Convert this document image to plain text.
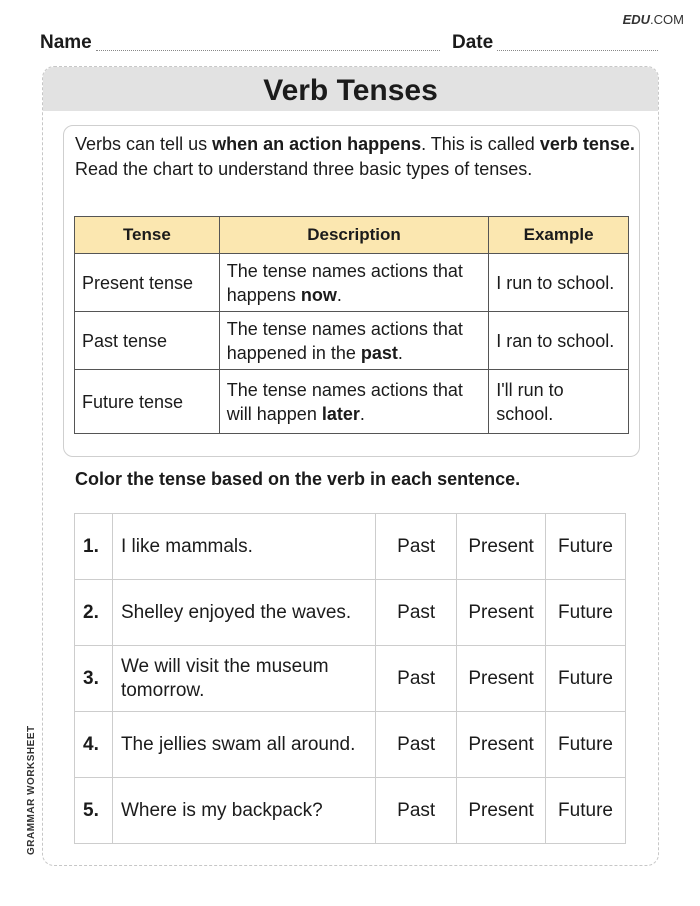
EDU.COM
Name	Date
Verb Tenses
Verbs can tell us when an action happens. This is called verb tense. Read the chart to understand three basic types of tenses.
Tense	Description	Example
Present tense	The tense names actions that happens now.	I run to school.
Past tense	The tense names actions that happened in the past.	I ran to school.
Future tense	The tense names actions that will happen later.	I'll run to school.
Color the tense based on the verb in each sentence.
1.	I like mammals.	Past	Present	Future
2.	Shelley enjoyed the waves.	Past	Present	Future
3.	We will visit the museum tomorrow.	Past	Present	Future
4.	The jellies swam all around.	Past	Present	Future
5.	Where is my backpack?	Past	Present	Future
GRAMMAR WORKSHEET
